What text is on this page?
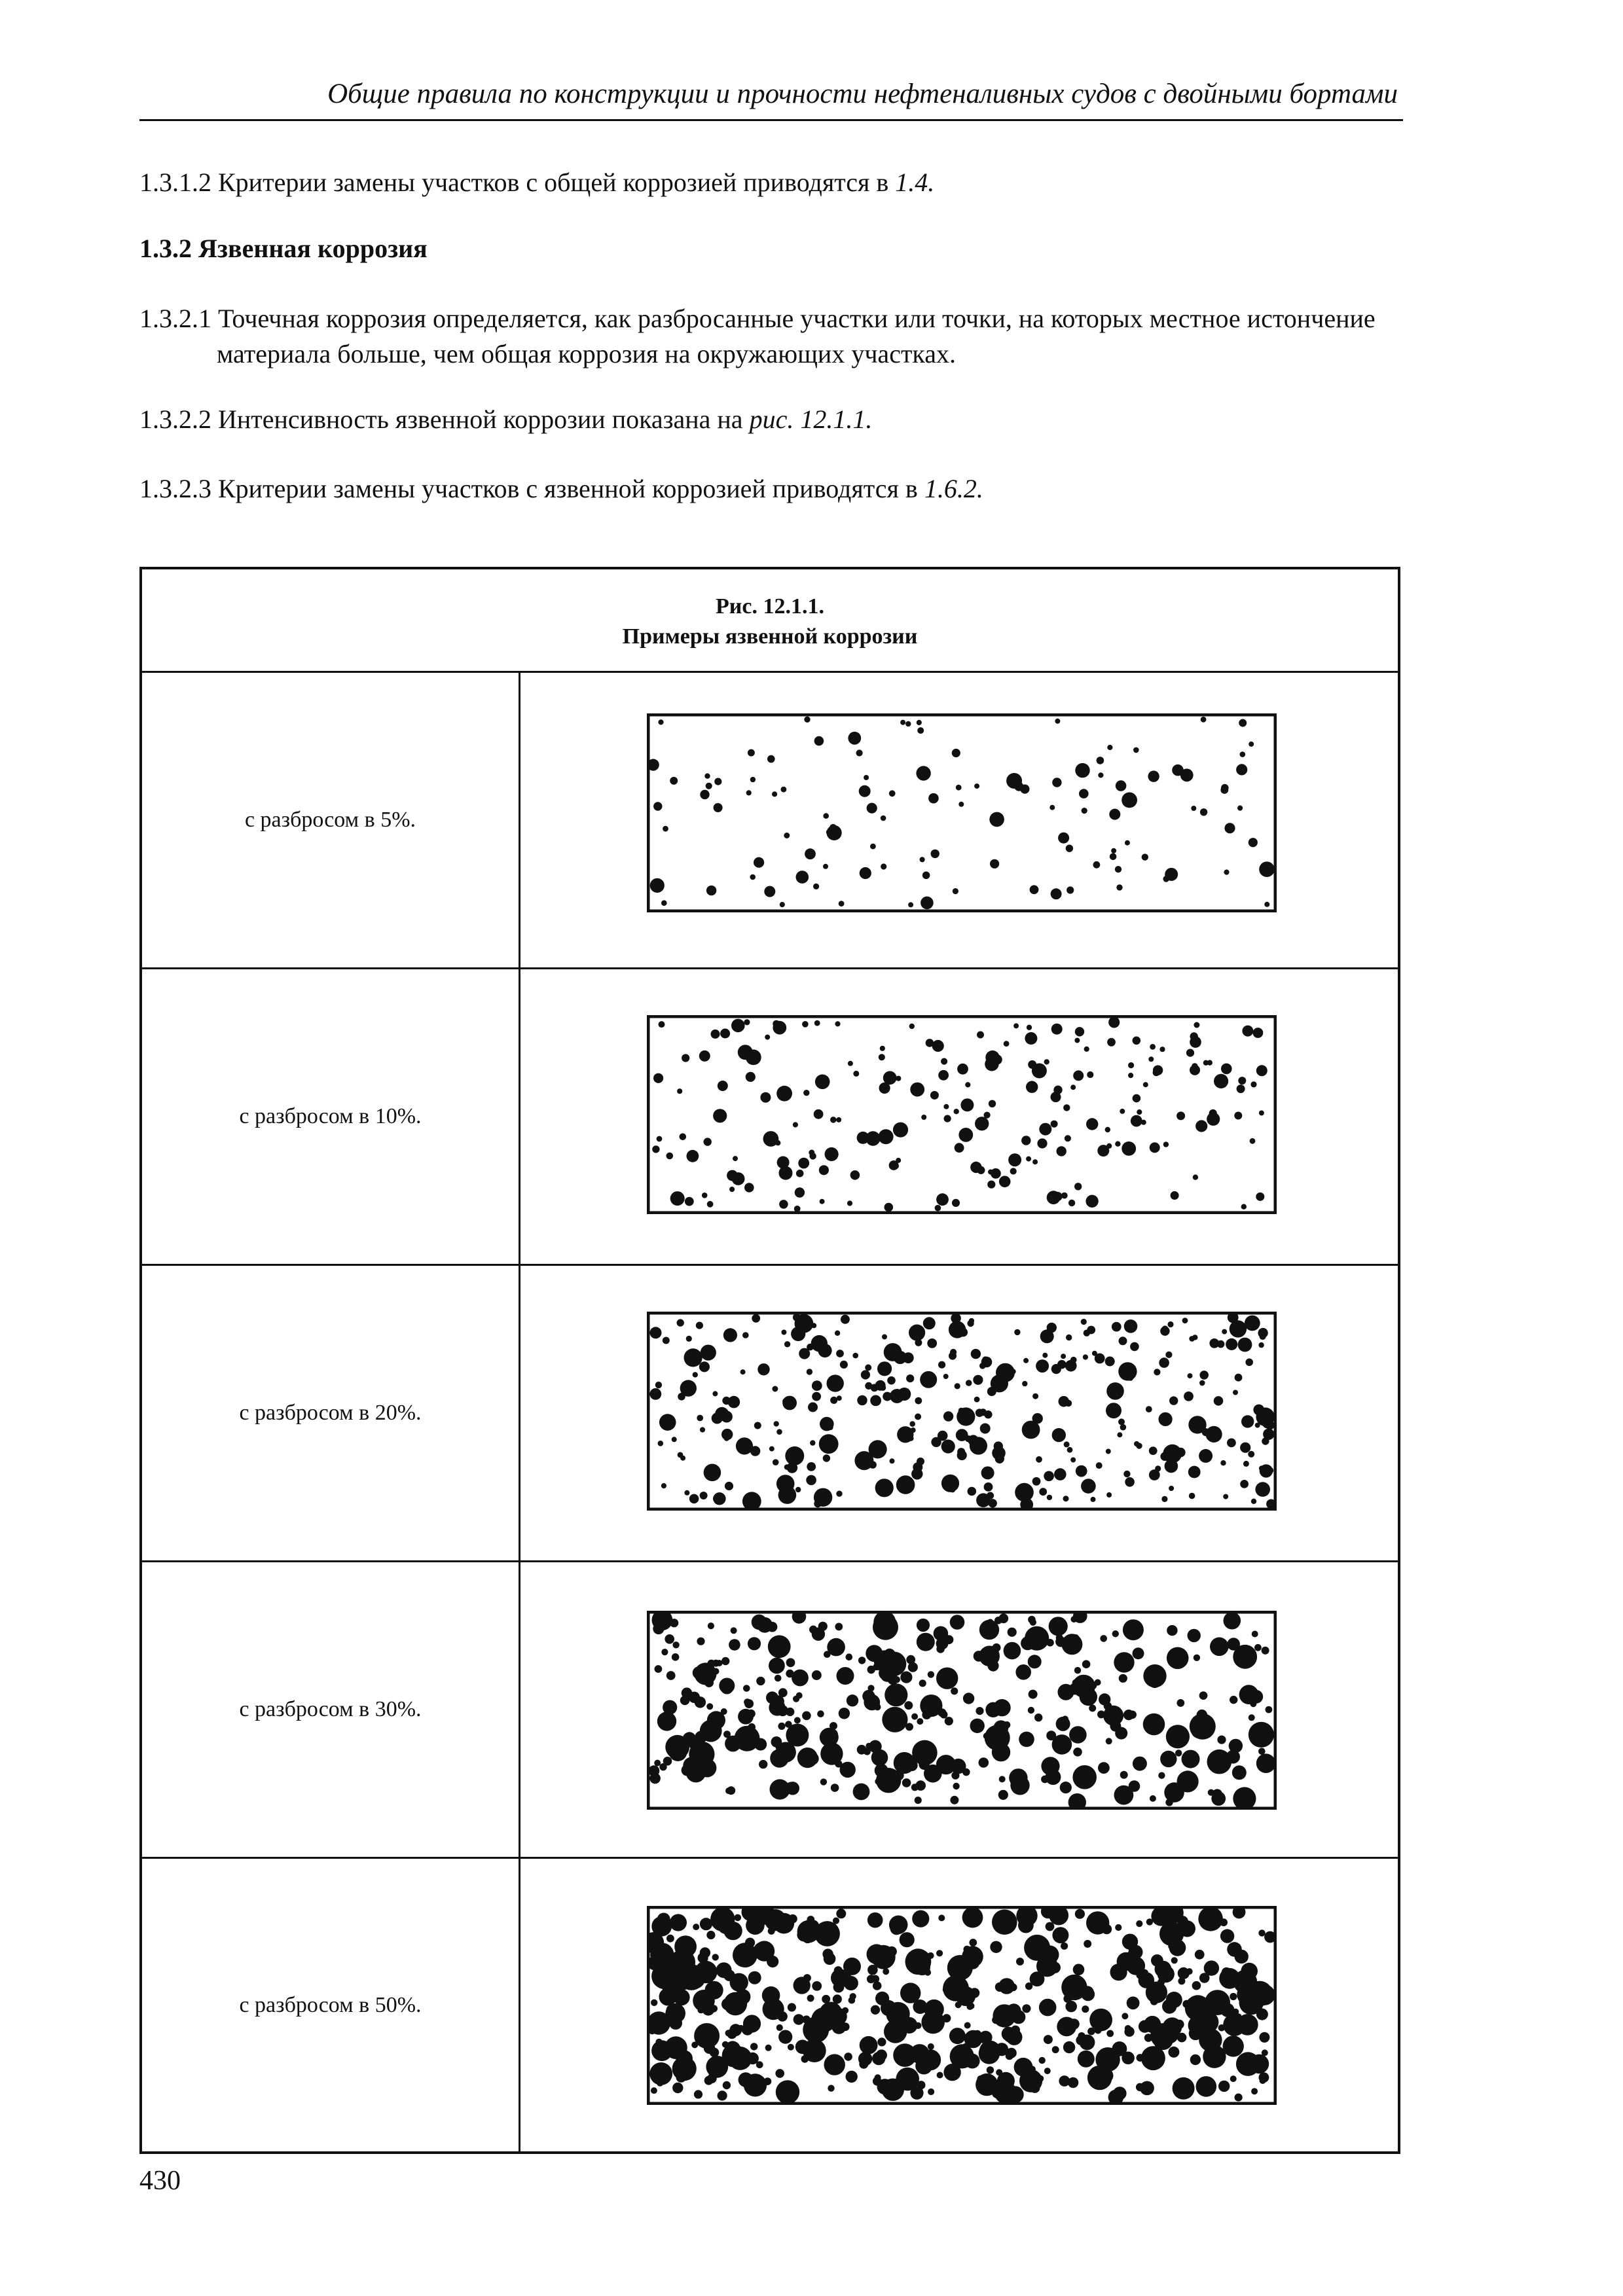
Общие правила по конструкции и прочности нефтеналивных судов с двойными бортами
1.3.1.2 Критерии замены участков с общей коррозией приводятся в 1.4.
1.3.2 Язвенная коррозия
1.3.2.1 Точечная коррозия определяется, как разбросанные участки или точки, на которых местное истончение материала больше, чем общая коррозия на окружающих участках.
1.3.2.2 Интенсивность язвенной коррозии показана на рис. 12.1.1.
1.3.2.3 Критерии замены участков с язвенной коррозией приводятся в 1.6.2.
Рис. 12.1.1.
Примеры язвенной коррозии
с разбросом в 5%.
с разбросом в 10%.
с разбросом в 20%.
с разбросом в 30%.
с разбросом в 50%.
430
